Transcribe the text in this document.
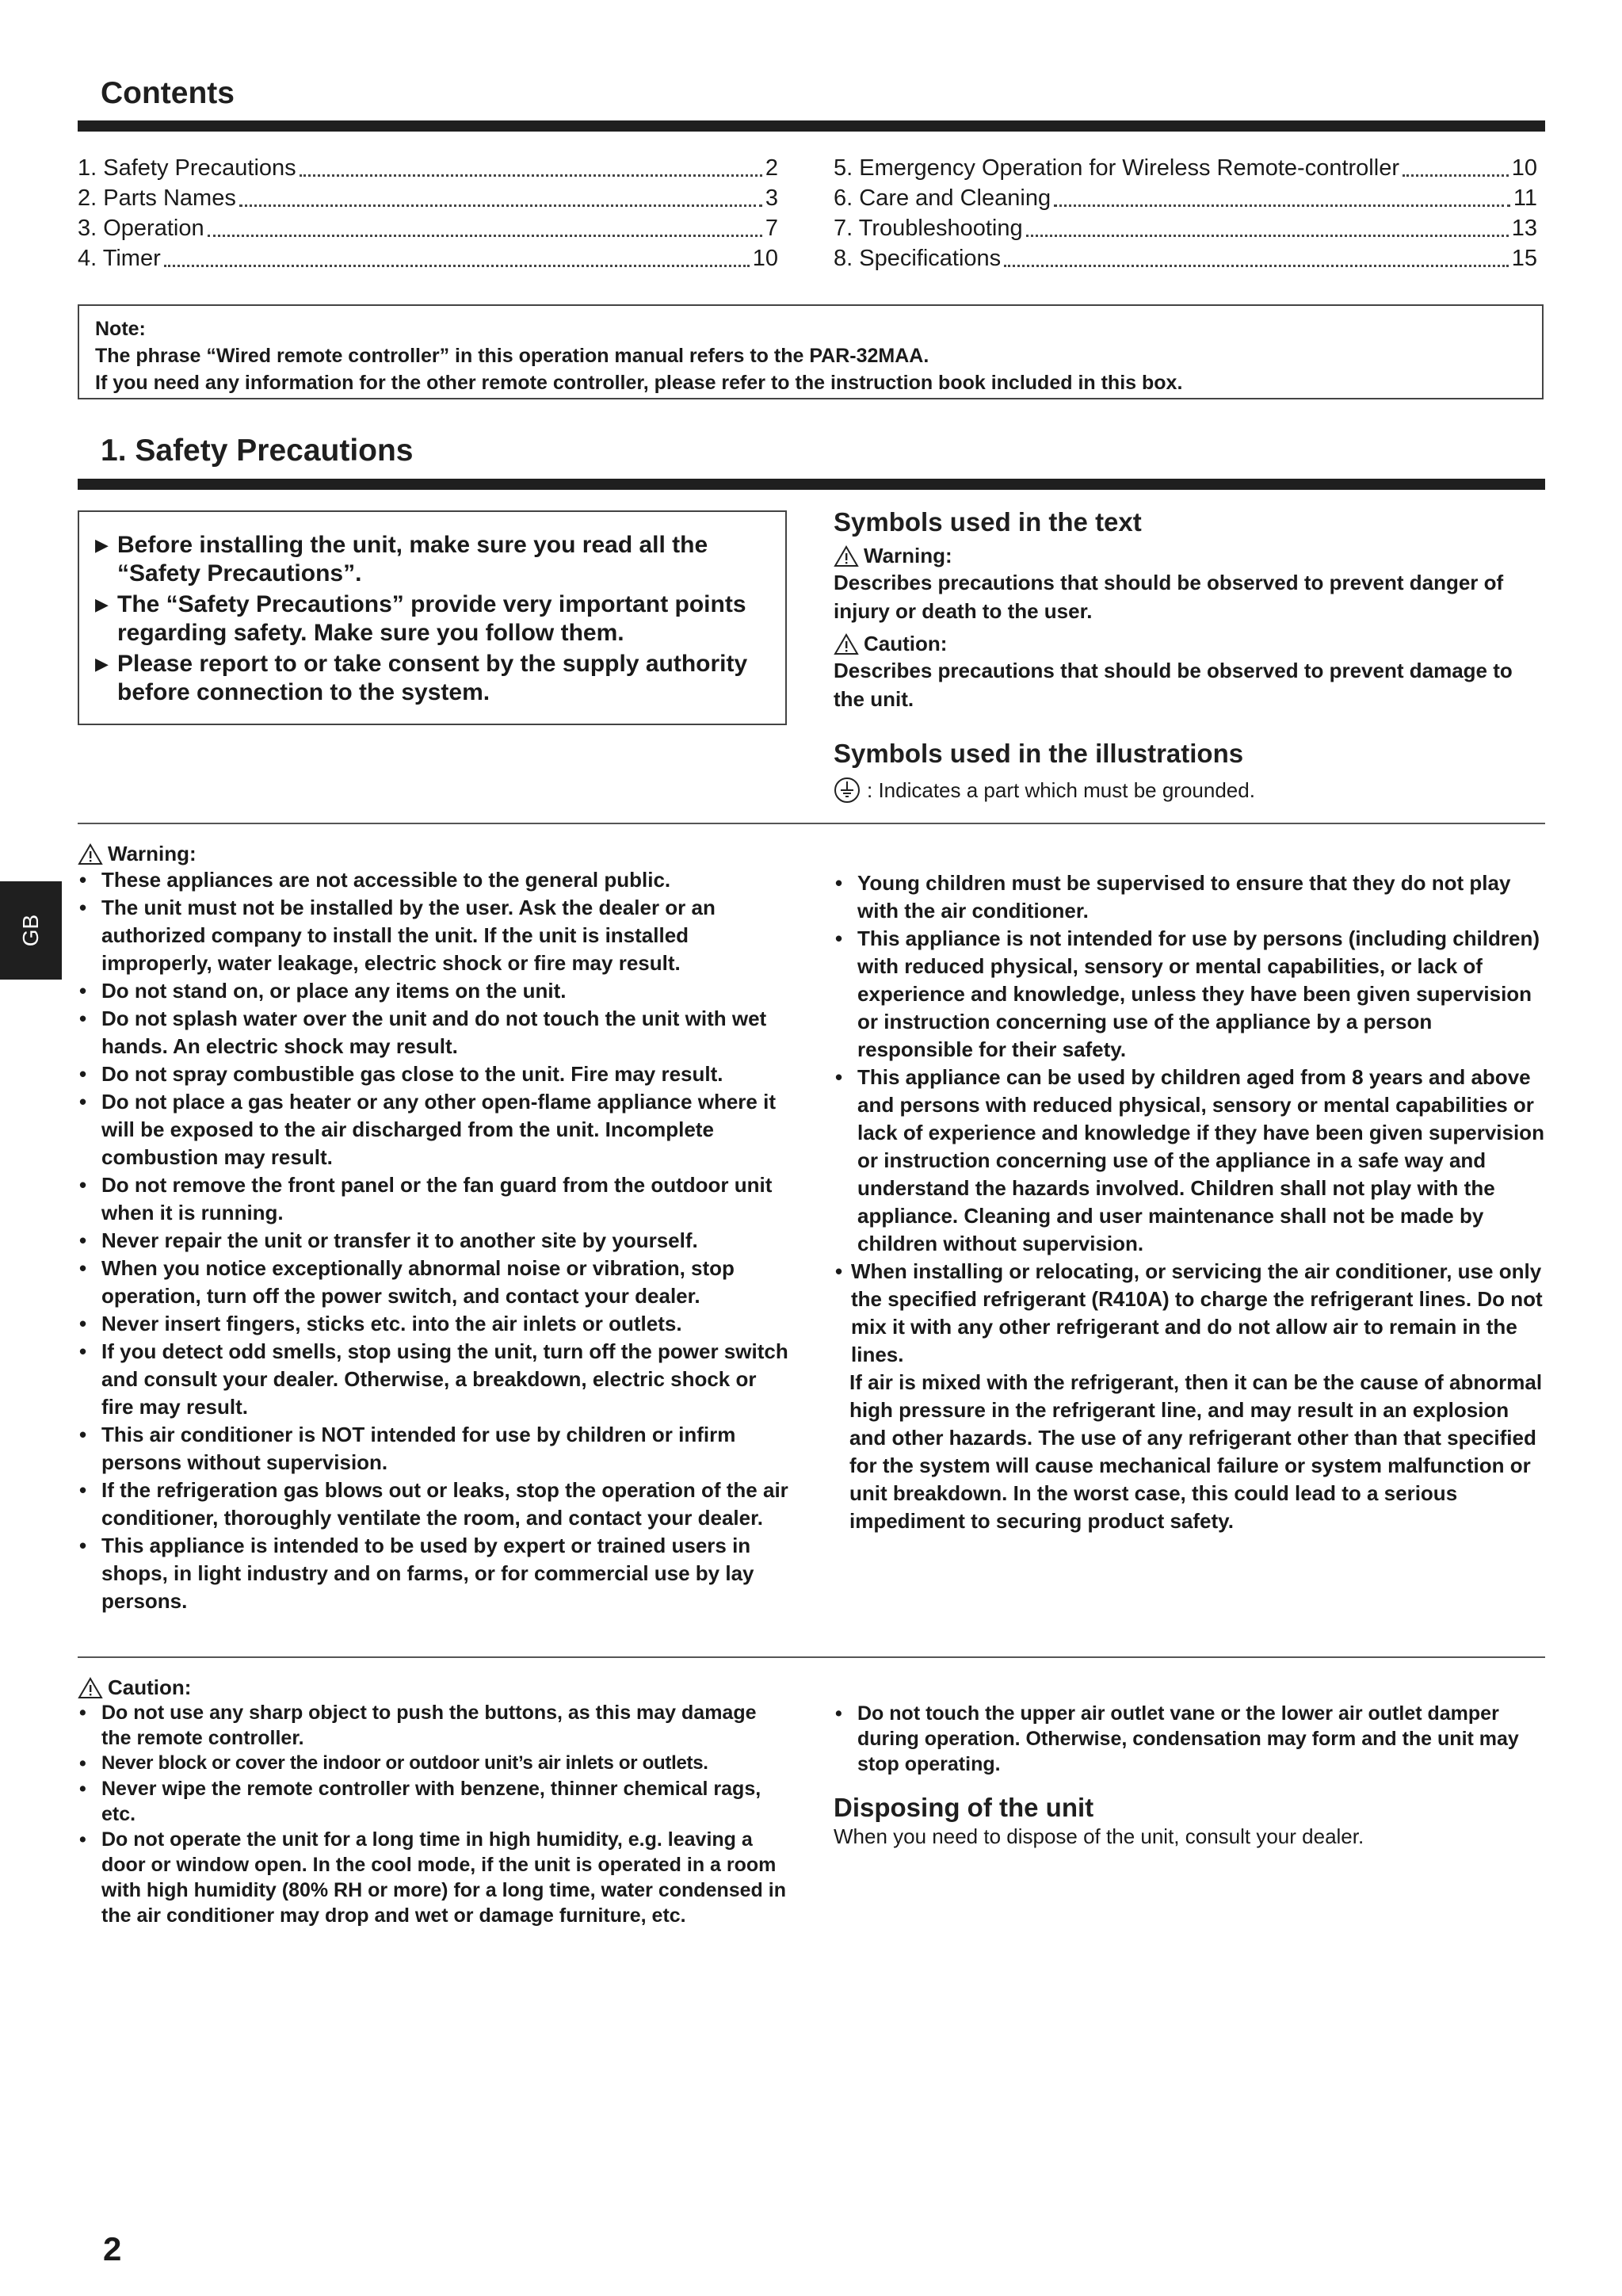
Contents
1. Safety Precautions	2
2. Parts Names	3
3. Operation	7
4. Timer	10
5. Emergency Operation for Wireless Remote-controller	10
6. Care and Cleaning	11
7. Troubleshooting	13
8. Specifications	15
Note:
The phrase “Wired remote controller” in this operation manual refers to the PAR-32MAA.
If you need any information for the other remote controller, please refer to the instruction book included in this box.
1. Safety Precautions
▶ Before installing the unit, make sure you read all the “Safety Precautions”.
▶ The “Safety Precautions” provide very important points regarding safety. Make sure you follow them.
▶ Please report to or take consent by the supply authority before connection to the system.
Symbols used in the text
Warning:
Describes precautions that should be observed to prevent danger of injury or death to the user.
Caution:
Describes precautions that should be observed to prevent damage to the unit.
Symbols used in the illustrations
: Indicates a part which must be grounded.
GB
Warning:
• These appliances are not accessible to the general public.
• The unit must not be installed by the user. Ask the dealer or an authorized company to install the unit. If the unit is installed improperly, water leakage, electric shock or fire may result.
• Do not stand on, or place any items on the unit.
• Do not splash water over the unit and do not touch the unit with wet hands. An electric shock may result.
• Do not spray combustible gas close to the unit. Fire may result.
• Do not place a gas heater or any other open-flame appliance where it will be exposed to the air discharged from the unit. Incomplete combustion may result.
• Do not remove the front panel or the fan guard from the outdoor unit when it is running.
• Never repair the unit or transfer it to another site by yourself.
• When you notice exceptionally abnormal noise or vibration, stop operation, turn off the power switch, and contact your dealer.
• Never insert fingers, sticks etc. into the air inlets or outlets.
• If you detect odd smells, stop using the unit, turn off the power switch and consult your dealer. Otherwise, a breakdown, electric shock or fire may result.
• This air conditioner is NOT intended for use by children or infirm persons without supervision.
• If the refrigeration gas blows out or leaks, stop the operation of the air conditioner, thoroughly ventilate the room, and contact your dealer.
• This appliance is intended to be used by expert or trained users in shops, in light industry and on farms, or for commercial use by lay persons.
• Young children must be supervised to ensure that they do not play with the air conditioner.
• This appliance is not intended for use by persons (including children) with reduced physical, sensory or mental capabilities, or lack of experience and knowledge, unless they have been given supervision or instruction concerning use of the appliance by a person responsible for their safety.
• This appliance can be used by children aged from 8 years and above and persons with reduced physical, sensory or mental capabilities or lack of experience and knowledge if they have been given supervision or instruction concerning use of the appliance in a safe way and understand the hazards involved. Children shall not play with the appliance. Cleaning and user maintenance shall not be made by children without supervision.
• When installing or relocating, or servicing the air conditioner, use only the specified refrigerant (R410A) to charge the refrigerant lines. Do not mix it with any other refrigerant and do not allow air to remain in the lines.
If air is mixed with the refrigerant, then it can be the cause of abnormal high pressure in the refrigerant line, and may result in an explosion and other hazards. The use of any refrigerant other than that specified for the system will cause mechanical failure or system malfunction or unit breakdown. In the worst case, this could lead to a serious impediment to securing product safety.
Caution:
• Do not use any sharp object to push the buttons, as this may damage the remote controller.
• Never block or cover the indoor or outdoor unit’s air inlets or outlets.
• Never wipe the remote controller with benzene, thinner chemical rags, etc.
• Do not operate the unit for a long time in high humidity, e.g. leaving a door or window open. In the cool mode, if the unit is operated in a room with high humidity (80% RH or more) for a long time, water condensed in the air conditioner may drop and wet or damage furniture, etc.
• Do not touch the upper air outlet vane or the lower air outlet damper during operation. Otherwise, condensation may form and the unit may stop operating.
Disposing of the unit
When you need to dispose of the unit, consult your dealer.
2
